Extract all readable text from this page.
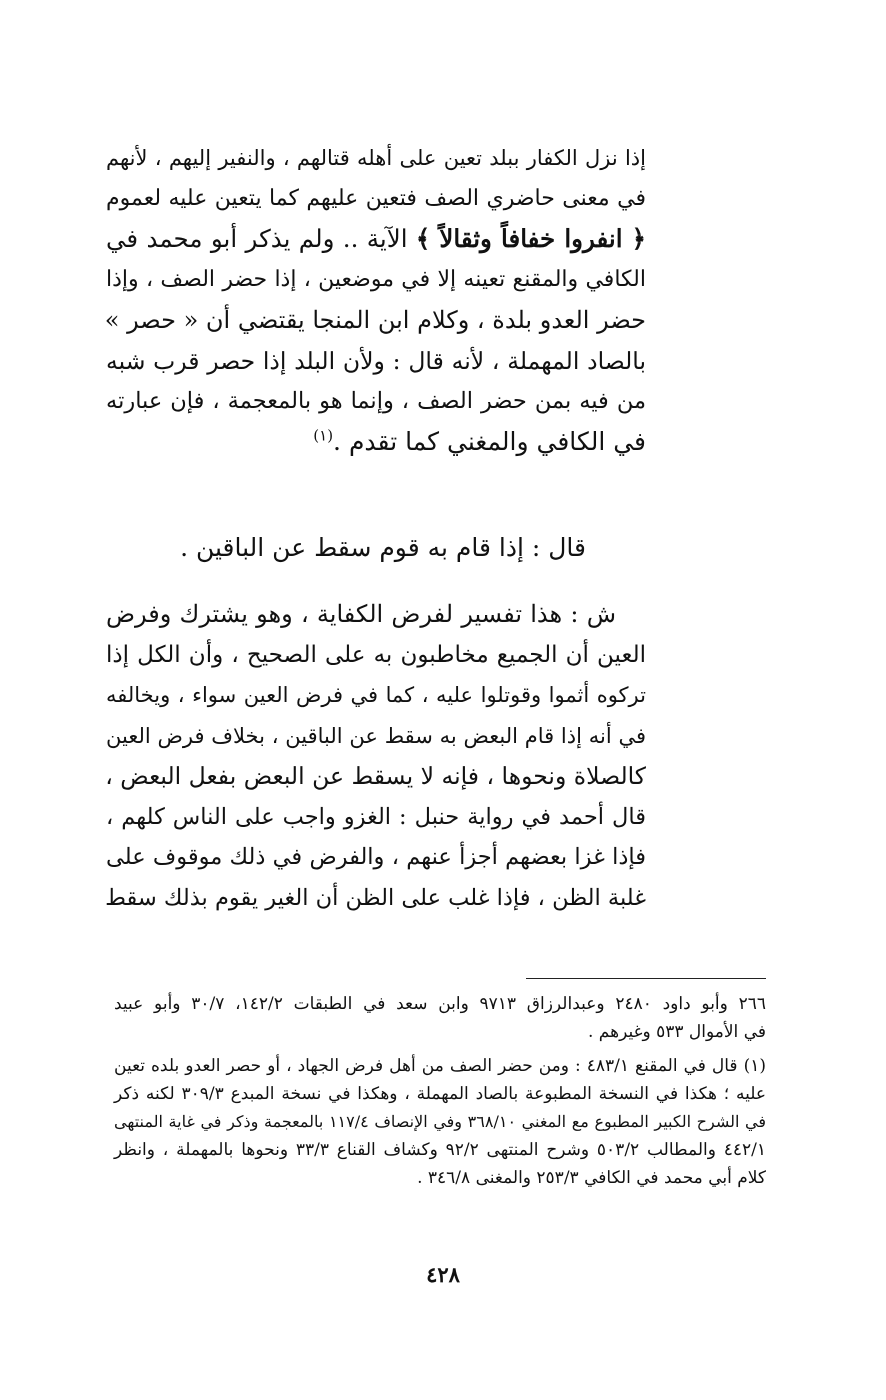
إذا نزل الكفار ببلد تعين على أهله قتالهم ، والنفير إليهم ، لأنهم
في معنى حاضري الصف فتعين عليهم كما يتعين عليه لعموم
﴿ انفروا خفافاً وثقالاً ﴾ الآية .. ولم يذكر أبو محمد في
الكافي والمقنع تعينه إلا في موضعين ، إذا حضر الصف ، وإذا
حضر العدو بلدة ، وكلام ابن المنجا يقتضي أن « حصر »
بالصاد المهملة ، لأنه قال : ولأن البلد إذا حصر قرب شبه
من فيه بمن حضر الصف ، وإنما هو بالمعجمة ، فإن عبارته
في الكافي والمغني كما تقدم .$^{(١)}$
قال : إذا قام به قوم سقط عن الباقين .
ش : هذا تفسير لفرض الكفاية ، وهو يشترك وفرض
العين أن الجميع مخاطبون به على الصحيح ، وأن الكل إذا
تركوه أثموا وقوتلوا عليه ، كما في فرض العين سواء ، ويخالفه
في أنه إذا قام البعض به سقط عن الباقين ، بخلاف فرض العين
كالصلاة ونحوها ، فإنه لا يسقط عن البعض بفعل البعض ،
قال أحمد في رواية حنبل : الغزو واجب على الناس كلهم ،
فإذا غزا بعضهم أجزأ عنهم ، والفرض في ذلك موقوف على
غلبة الظن ، فإذا غلب على الظن أن الغير يقوم بذلك سقط
٢٦٦ وأبو داود ٢٤٨٠ وعبدالرزاق ٩٧١٣ وابن سعد في الطبقات ١٤٢/٢، ٣٠/٧ وأبو عبيد
في الأموال ٥٣٣ وغيرهم .
(١) قال في المقنع ٤٨٣/١ : ومن حضر الصف من أهل فرض الجهاد ، أو حصر العدو بلده تعين
عليه ؛ هكذا في النسخة المطبوعة بالصاد المهملة ، وهكذا في نسخة المبدع ٣٠٩/٣ لكنه ذكر
في الشرح الكبير المطبوع مع المغني ٣٦٨/١٠ وفي الإنصاف ١١٧/٤ بالمعجمة وذكر في غاية المنتهى
٤٤٢/١ والمطالب ٥٠٣/٢ وشرح المنتهى ٩٢/٢ وكشاف القناع ٣٣/٣ ونحوها بالمهملة ، وانظر
كلام أبي محمد في الكافي ٢٥٣/٣ والمغنى ٣٤٦/٨ .
٤٢٨
